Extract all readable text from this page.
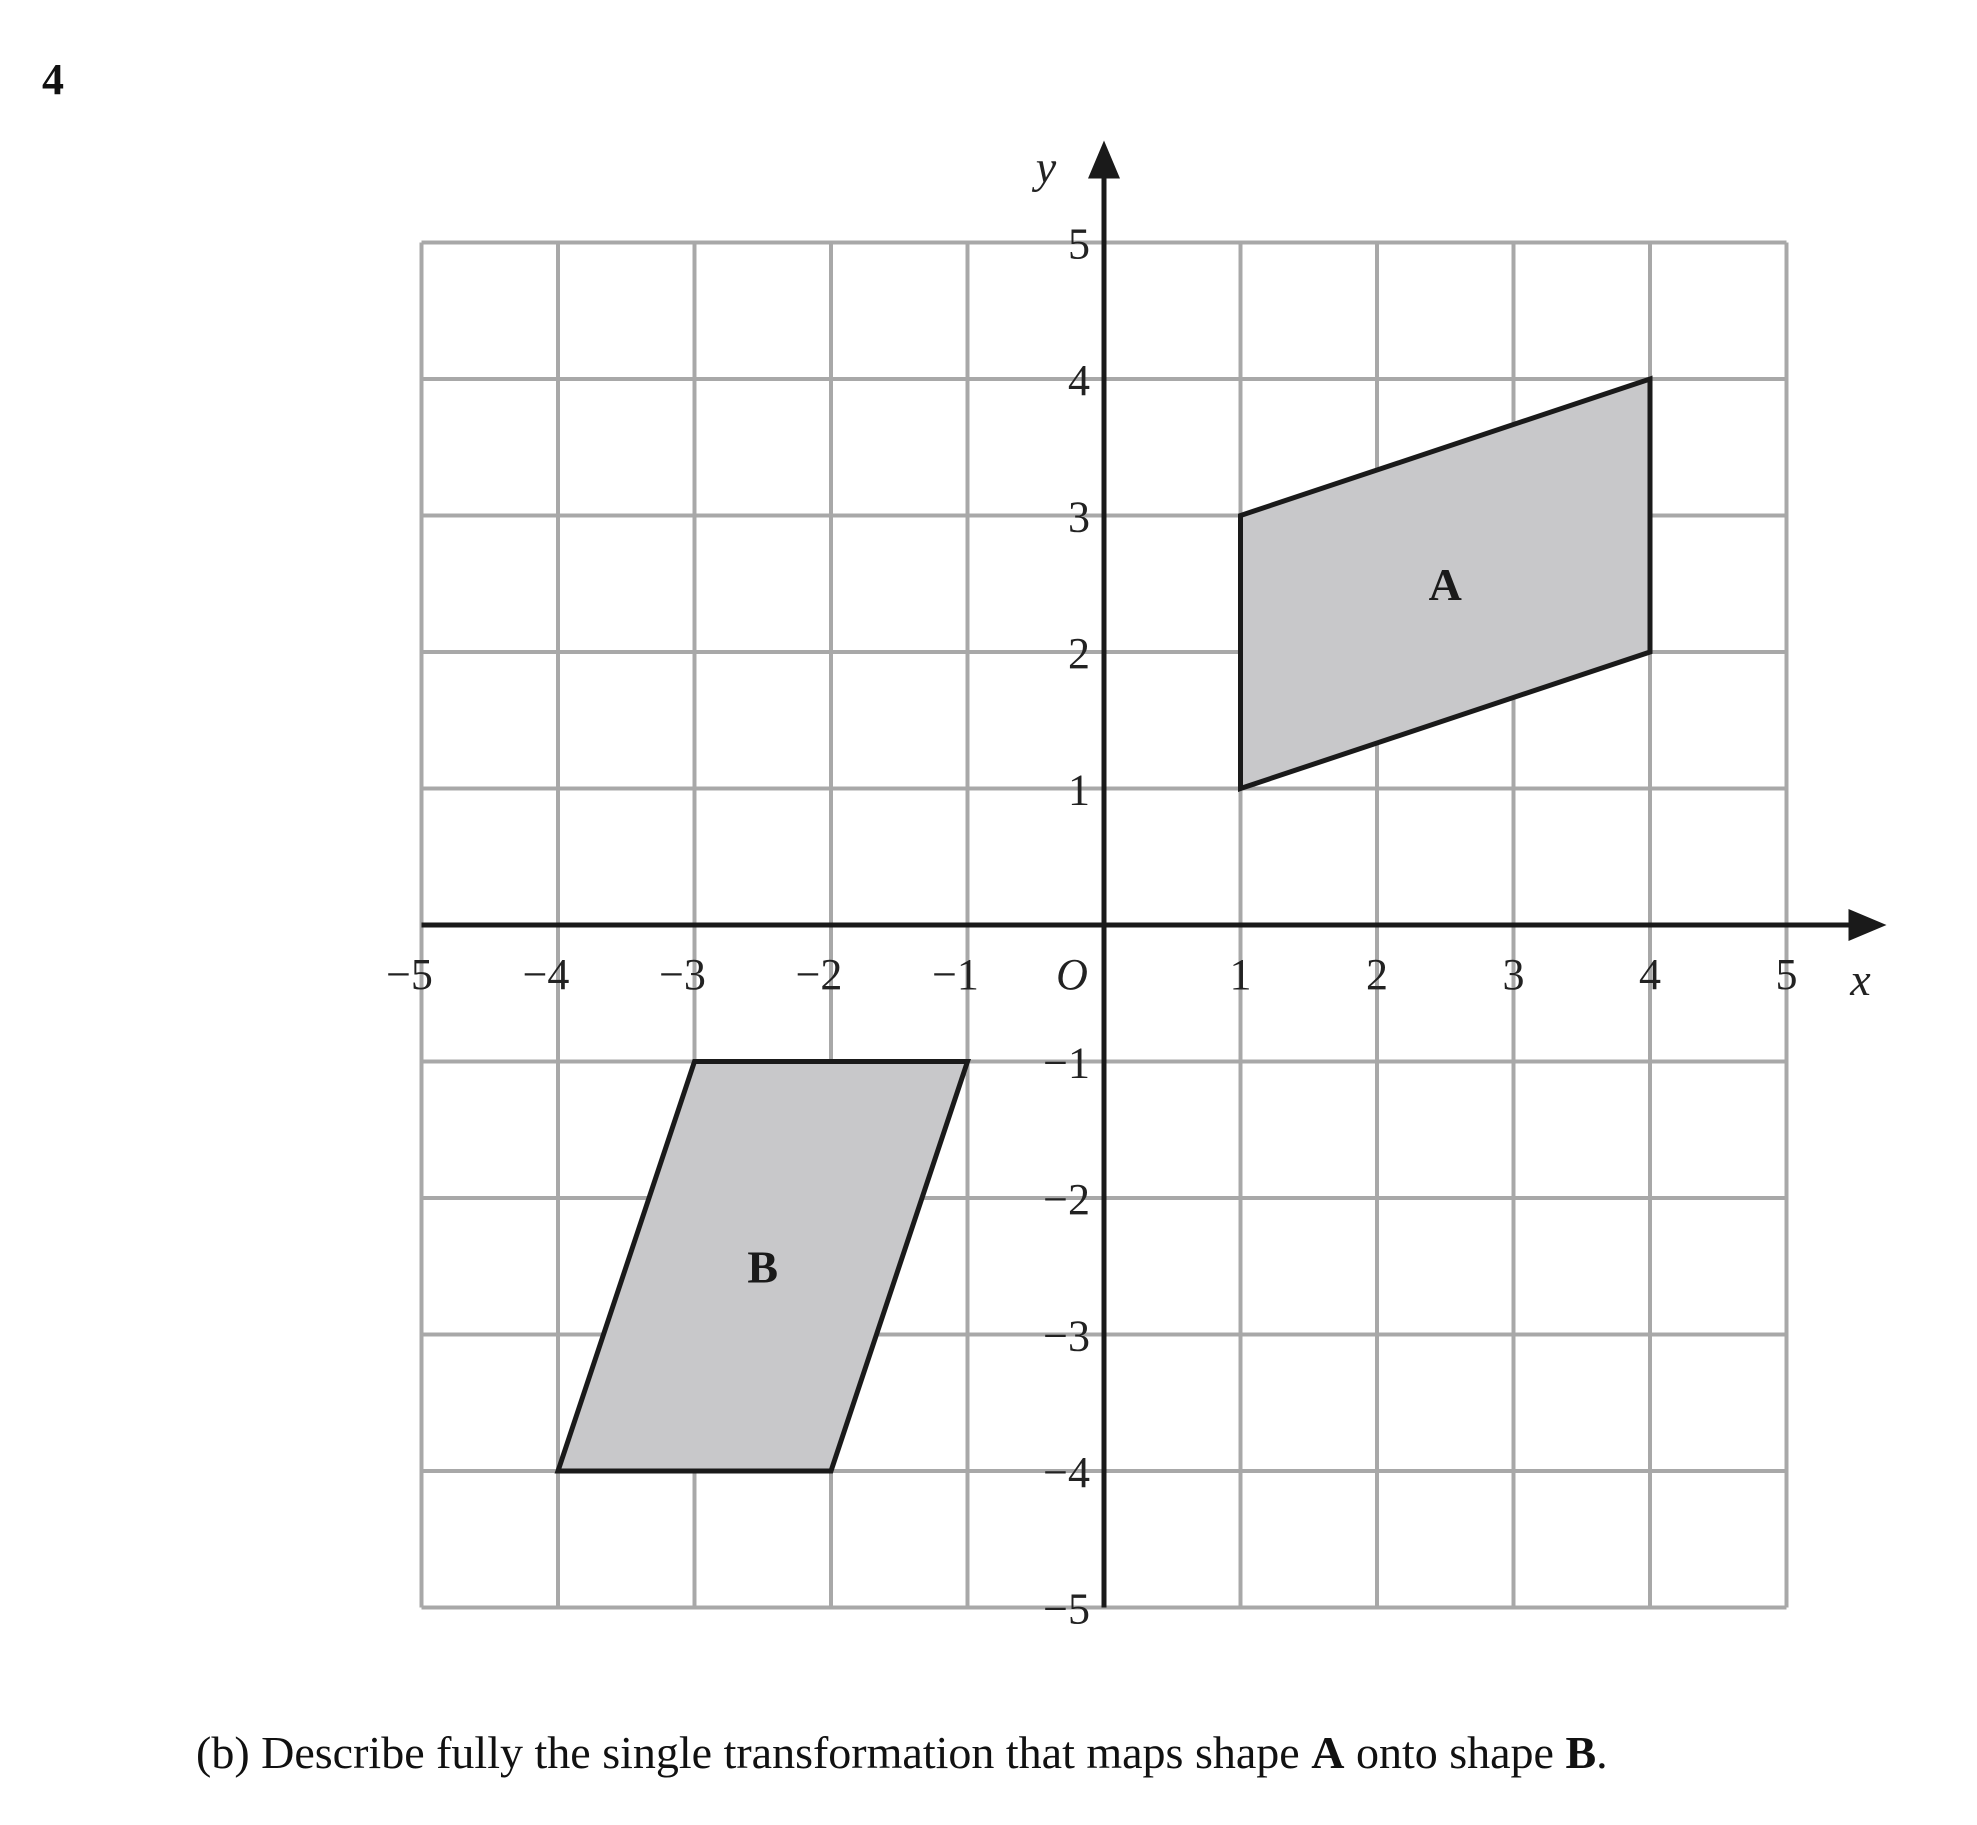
4
A
B
−5 −4 −3 −2 −1	1	2	3	4	5
5
4
3
2
1
−1
−2
−3
−4
−5
O	x
y
(b) Describe fully the single transformation that maps shape A onto shape B.
